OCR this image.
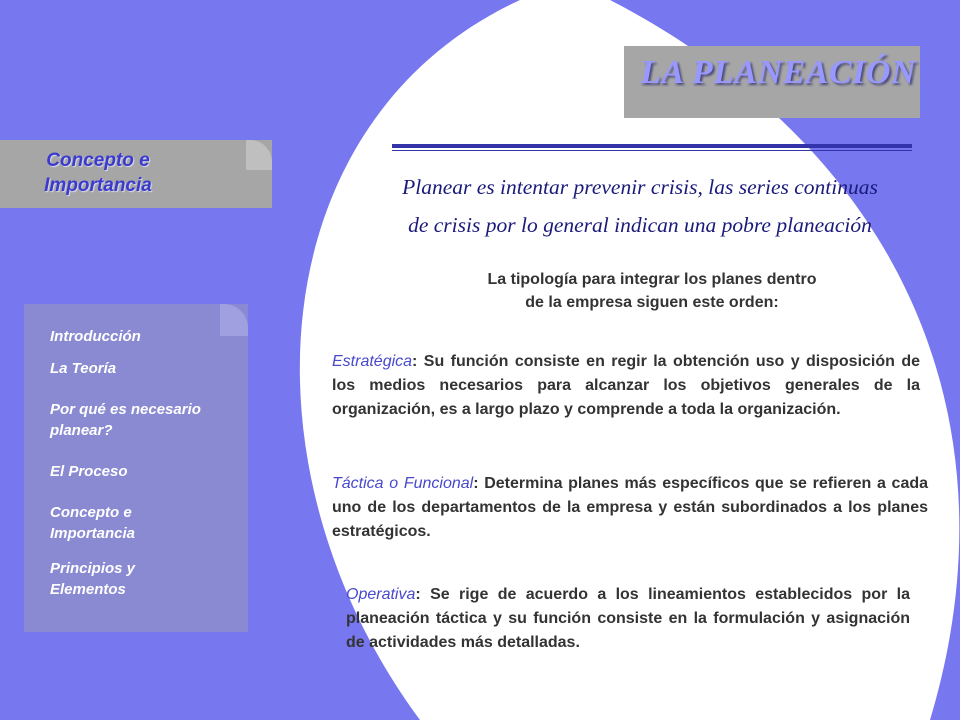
LA PLANEACIÓN
Concepto e
Importancia
Introducción
La Teoría
Por qué es necesario
planear?
El Proceso
Concepto e
Importancia
Principios y
Elementos
Planear es intentar prevenir crisis, las series continuas
de crisis por lo general indican una pobre planeación
La tipología para integrar los planes dentro
de la empresa siguen este orden:
Estratégica: Su función consiste en regir la obtención uso y disposición de los medios necesarios para alcanzar los objetivos generales de la organización, es a largo plazo y comprende a toda la organización.
Táctica o Funcional: Determina planes más específicos que se refieren a cada uno de los departamentos de la empresa y están subordinados a los planes estratégicos.
Operativa: Se rige de acuerdo a los lineamientos establecidos por la planeación táctica y su función consiste en la formulación y asignación de actividades más detalladas.
